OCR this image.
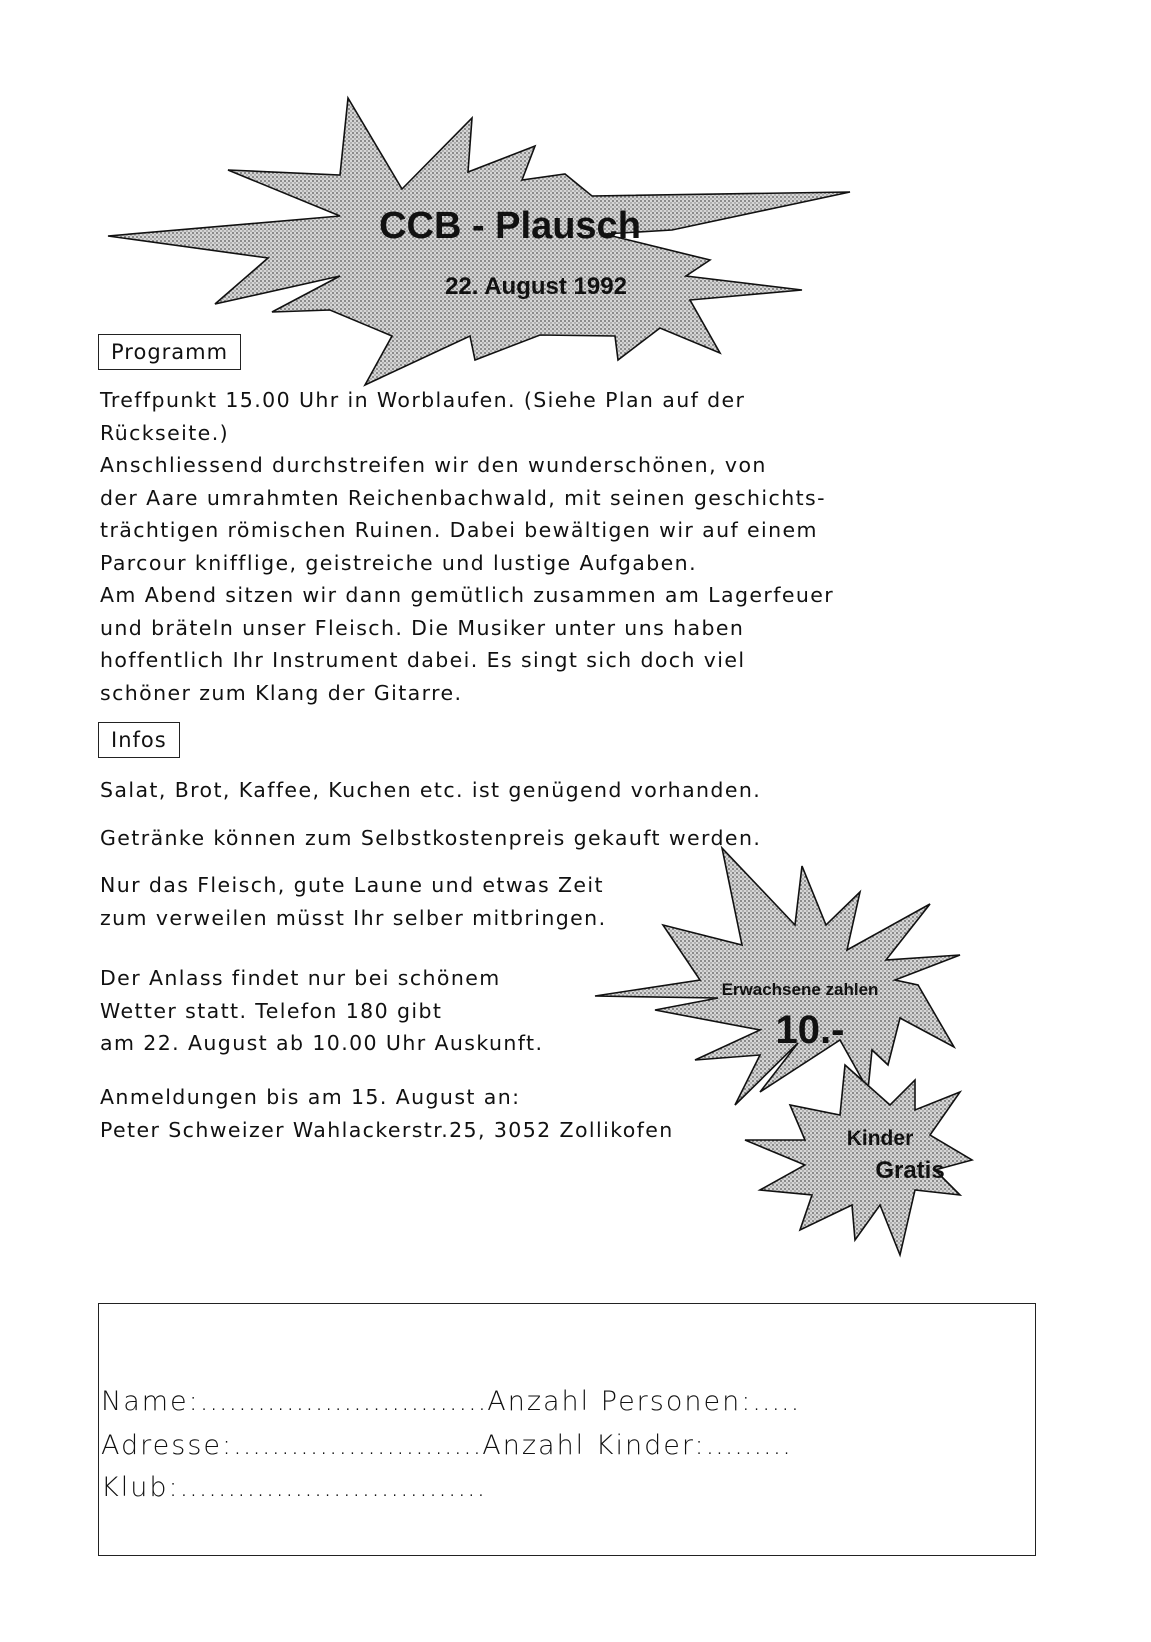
CCB - Plausch
22. August 1992
Erwachsene zahlen
10.-
Kinder
Gratis
Programm
Treffpunkt 15.00 Uhr in Worblaufen. (Siehe Plan auf der
Rückseite.)
Anschliessend durchstreifen wir den wunderschönen, von
der Aare umrahmten Reichenbachwald, mit seinen geschichts-
trächtigen römischen Ruinen. Dabei bewältigen wir auf einem
Parcour knifflige, geistreiche und lustige Aufgaben.
Am Abend sitzen wir dann gemütlich zusammen am Lagerfeuer
und bräteln unser Fleisch. Die Musiker unter uns haben
hoffentlich Ihr Instrument dabei. Es singt sich doch viel
schöner zum Klang der Gitarre.
Infos
Salat, Brot, Kaffee, Kuchen etc. ist genügend vorhanden.
Getränke können zum Selbstkostenpreis gekauft werden.
Nur das Fleisch, gute Laune und etwas Zeit
zum verweilen müsst Ihr selber mitbringen.
Der Anlass findet nur bei schönem
Wetter statt. Telefon 180 gibt
am 22. August ab 10.00 Uhr Auskunft.
Anmeldungen bis am 15. August an:
Peter Schweizer Wahlackerstr.25, 3052 Zollikofen
Name:..............................Anzahl Personen:.....
Adresse:..........................Anzahl Kinder:.........
Klub:................................
